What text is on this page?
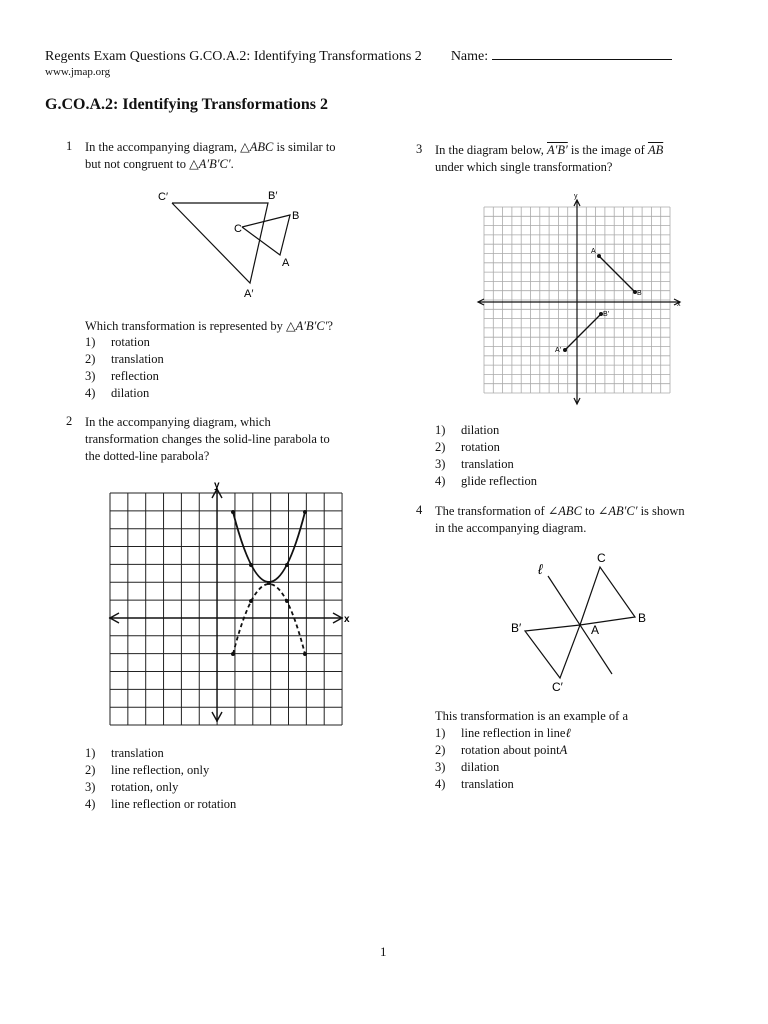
Regents Exam Questions G.CO.A.2: Identifying Transformations 2 Name:
www.jmap.org
G.CO.A.2: Identifying Transformations 2
1 In the accompanying diagram, △ABC is similar to
but not congruent to △A′B′C′.
C′	B′
C
B
A
A′
Which transformation is represented by △A′B′C′?
1)	rotation
2)	translation
3)	reflection
4)	dilation
2 In the accompanying diagram, which
transformation changes the solid-line parabola to
the dotted-line parabola?
y
x
1)	translation
2)	line reflection, only
3)	rotation, only
4)	line reflection or rotation
3 In the diagram below, A′B′ is the image of $\overline{AB}$
under which single transformation?
y
x
A
B
B′
A′
1)	dilation
2)	rotation
3)	translation
4)	glide reflection
4 The transformation of ∠ABC to ∠AB′C′ is shown
in the accompanying diagram.
ℓ
C
B
B′	A
C′
This transformation is an example of a
1)	line reflection in line ℓ
2)	rotation about point A
3)	dilation
4)	translation
1
